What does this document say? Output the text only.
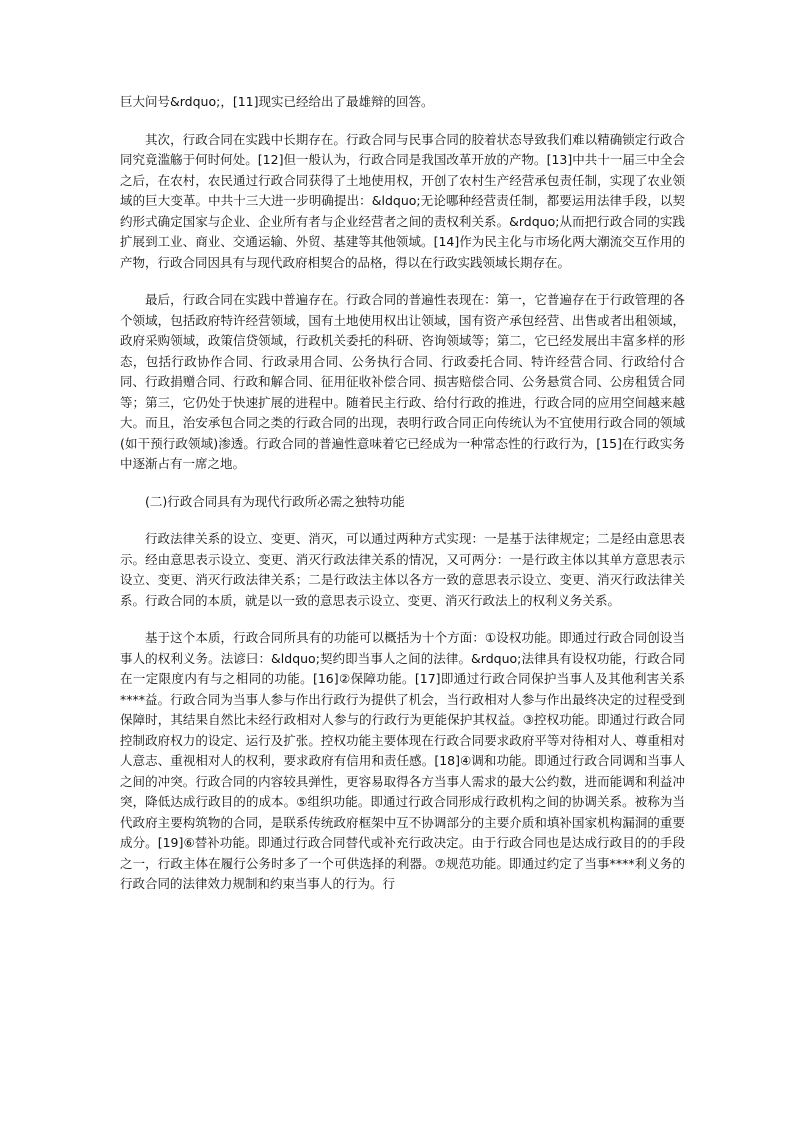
巨大问号&rdquo;，[11]现实已经给出了最雄辩的回答。

其次，行政合同在实践中长期存在。行政合同与民事合同的胶着状态导致我们难以精确锁定行政合同究竟滥觞于何时何处。[12]但一般认为，行政合同是我国改革开放的产物。[13]中共十一届三中全会之后，在农村，农民通过行政合同获得了土地使用权，开创了农村生产经营承包责任制，实现了农业领域的巨大变革。中共十三大进一步明确提出：&ldquo;无论哪种经营责任制，都要运用法律手段，以契约形式确定国家与企业、企业所有者与企业经营者之间的责权利关系。&rdquo;从而把行政合同的实践扩展到工业、商业、交通运输、外贸、基建等其他领域。[14]作为民主化与市场化两大潮流交互作用的产物，行政合同因具有与现代政府相契合的品格，得以在行政实践领域长期存在。

最后，行政合同在实践中普遍存在。行政合同的普遍性表现在：第一，它普遍存在于行政管理的各个领域，包括政府特许经营领域，国有土地使用权出让领域，国有资产承包经营、出售或者出租领域，政府采购领域，政策信贷领域，行政机关委托的科研、咨询领域等；第二，它已经发展出丰富多样的形态，包括行政协作合同、行政录用合同、公务执行合同、行政委托合同、特许经营合同、行政给付合同、行政捐赠合同、行政和解合同、征用征收补偿合同、损害赔偿合同、公务悬赏合同、公房租赁合同等；第三，它仍处于快速扩展的进程中。随着民主行政、给付行政的推进，行政合同的应用空间越来越大。而且，治安承包合同之类的行政合同的出现，表明行政合同正向传统认为不宜使用行政合同的领域(如干预行政领域)渗透。行政合同的普遍性意味着它已经成为一种常态性的行政行为，[15]在行政实务中逐渐占有一席之地。

(二)行政合同具有为现代行政所必需之独特功能

行政法律关系的设立、变更、消灭，可以通过两种方式实现：一是基于法律规定；二是经由意思表示。经由意思表示设立、变更、消灭行政法律关系的情况，又可两分：一是行政主体以其单方意思表示设立、变更、消灭行政法律关系；二是行政法主体以各方一致的意思表示设立、变更、消灭行政法律关系。行政合同的本质，就是以一致的意思表示设立、变更、消灭行政法上的权利义务关系。

基于这个本质，行政合同所具有的功能可以概括为十个方面：①设权功能。即通过行政合同创设当事人的权利义务。法谚曰：&ldquo;契约即当事人之间的法律。&rdquo;法律具有设权功能，行政合同在一定限度内有与之相同的功能。[16]②保障功能。[17]即通过行政合同保护当事人及其他利害关系****益。行政合同为当事人参与作出行政行为提供了机会，当行政相对人参与作出最终决定的过程受到保障时，其结果自然比未经行政相对人参与的行政行为更能保护其权益。③控权功能。即通过行政合同控制政府权力的设定、运行及扩张。控权功能主要体现在行政合同要求政府平等对待相对人、尊重相对人意志、重视相对人的权利，要求政府有信用和责任感。[18]④调和功能。即通过行政合同调和当事人之间的冲突。行政合同的内容较具弹性，更容易取得各方当事人需求的最大公约数，进而能调和利益冲突，降低达成行政目的的成本。⑤组织功能。即通过行政合同形成行政机构之间的协调关系。被称为当代政府主要构筑物的合同，是联系传统政府框架中互不协调部分的主要介质和填补国家机构漏洞的重要成分。[19]⑥替补功能。即通过行政合同替代或补充行政决定。由于行政合同也是达成行政目的的手段之一，行政主体在履行公务时多了一个可供选择的利器。⑦规范功能。即通过约定了当事****利义务的行政合同的法律效力规制和约束当事人的行为。行
